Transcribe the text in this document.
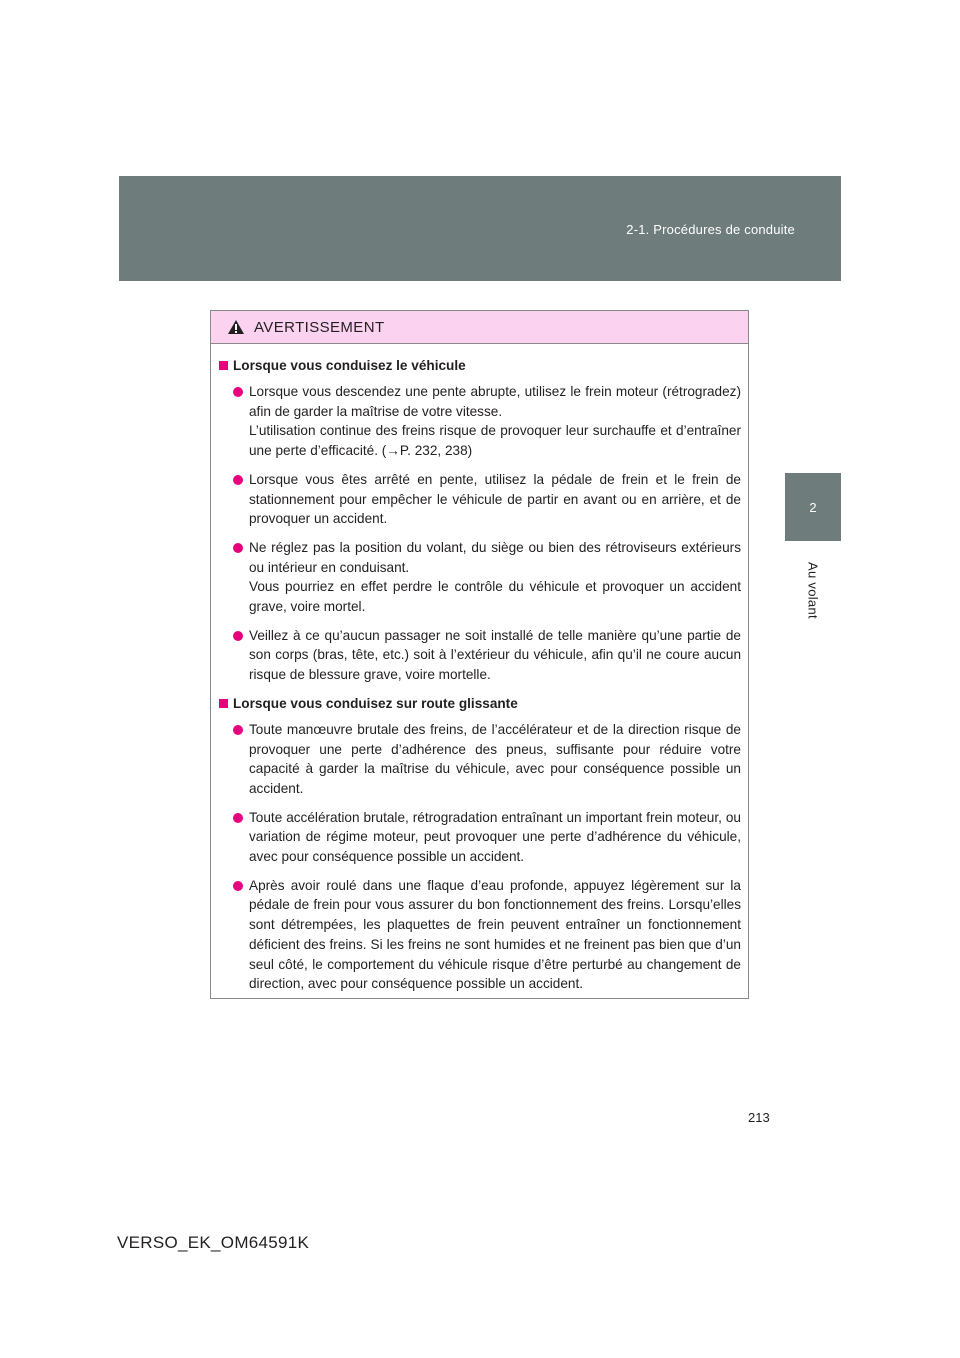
2-1. Procédures de conduite
2
Au volant
AVERTISSEMENT
Lorsque vous conduisez le véhicule

Lorsque vous descendez une pente abrupte, utilisez le frein moteur (rétrogradez) afin de garder la maîtrise de votre vitesse.

L’utilisation continue des freins risque de provoquer leur surchauffe et d’entraîner une perte d’efficacité. (→P. 232, 238)

Lorsque vous êtes arrêté en pente, utilisez la pédale de frein et le frein de stationnement pour empêcher le véhicule de partir en avant ou en arrière, et de provoquer un accident.

Ne réglez pas la position du volant, du siège ou bien des rétroviseurs extérieurs ou intérieur en conduisant.

Vous pourriez en effet perdre le contrôle du véhicule et provoquer un accident grave, voire mortel.

Veillez à ce qu’aucun passager ne soit installé de telle manière qu’une partie de son corps (bras, tête, etc.) soit à l’extérieur du véhicule, afin qu’il ne coure aucun risque de blessure grave, voire mortelle.

Lorsque vous conduisez sur route glissante

Toute manœuvre brutale des freins, de l’accélérateur et de la direction risque de provoquer une perte d’adhérence des pneus, suffisante pour réduire votre capacité à garder la maîtrise du véhicule, avec pour conséquence possible un accident.

Toute accélération brutale, rétrogradation entraînant un important frein moteur, ou variation de régime moteur, peut provoquer une perte d’adhérence du véhicule, avec pour conséquence possible un accident.

Après avoir roulé dans une flaque d’eau profonde, appuyez légèrement sur la pédale de frein pour vous assurer du bon fonctionnement des freins. Lorsqu’elles sont détrempées, les plaquettes de frein peuvent entraîner un fonctionnement déficient des freins. Si les freins ne sont humides et ne freinent pas bien que d’un seul côté, le comportement du véhicule risque d’être perturbé au changement de direction, avec pour conséquence possible un accident.

213
VERSO_EK_OM64591K
